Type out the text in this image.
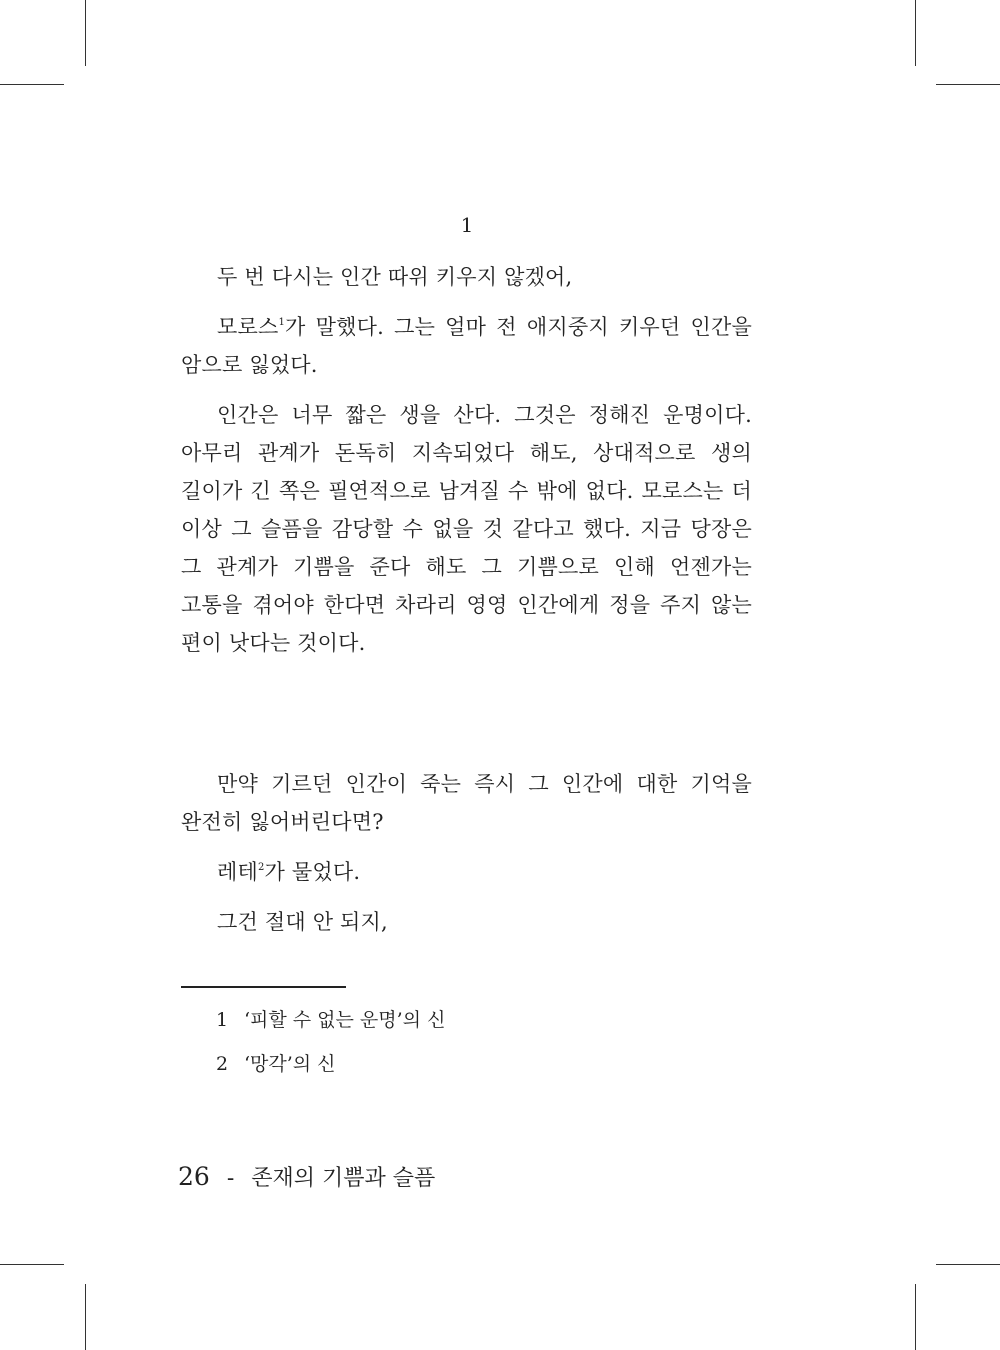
1

두 번 다시는 인간 따위 키우지 않겠어,

모로스$^1$가 말했다. 그는 얼마 전 애지중지 키우던 인간을 암으로 잃었다.

인간은 너무 짧은 생을 산다. 그것은 정해진 운명이다. 아무리 관계가 돈독히 지속되었다 해도, 상대적으로 생의 길이가 긴 쪽은 필연적으로 남겨질 수 밖에 없다. 모로스는 더 이상 그 슬픔을 감당할 수 없을 것 같다고 했다. 지금 당장은 그 관계가 기쁨을 준다 해도 그 기쁨으로 인해 언젠가는 고통을 겪어야 한다면 차라리 영영 인간에게 정을 주지 않는 편이 낫다는 것이다.

만약 기르던 인간이 죽는 즉시 그 인간에 대한 기억을 완전히 잃어버린다면?

레테$^2$가 물었다.

그건 절대 안 되지,

1 ‘피할 수 없는 운명’의 신
2 ‘망각’의 신
26 - 존재의 기쁨과 슬픔
